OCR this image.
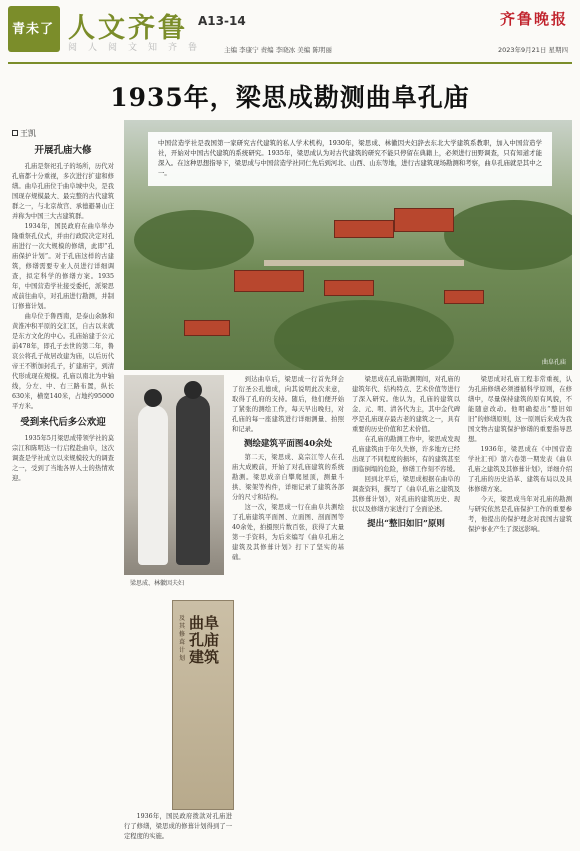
青未了 人文齐鲁 A13-14	齐鲁晚报
阅人阅文知齐鲁 主编 李康宁 责编 李晓冰 美编 陈明丽	2023年9月21日 星期四
1935年，梁思成勘测曲阜孔庙
王凯
开展孔庙大修

孔庙是祭祀孔子的场所，历代对孔庙都十分重视，多次进行扩建和修缮。曲阜孔庙位于曲阜城中央，是我国现存规模最大、最完整的古代建筑群之一，与北京故宫、承德避暑山庄并称为中国三大古建筑群。

1934年，国民政府在曲阜举办隆重祭孔仪式，并由行政院决定对孔庙进行一次大规模的修缮，此即“孔庙保护计划”。对于孔庙这样的古建筑，修缮需要专业人员进行详细调查，拟定科学的修缮方案。1935年，中国营造学社接受委托，派梁思成前往曲阜，对孔庙进行勘测，并制订修葺计划。

曲阜位于鲁西南，是泰山余脉和黄淮冲积平原的交汇区，自古以来就是东方文化的中心。孔庙始建于公元前478年，即孔子去世的第二年，鲁哀公将孔子故居改建为庙，以后历代帝王不断加封孔子，扩建庙宇，到清代形成现在规模。孔庙以南北为中轴线，分左、中、右三路布置，纵长630米，横宽140米，占地约95000平方米。

受到来代后多公欢迎

1935年5月梁思成带领学社的莫宗江和陈明达一行启程赴曲阜，这次调查是学社成立以来规模较大的调查之一，受到了当地各界人士的热情欢迎。

中国营造学社是我国第一家研究古代建筑的私人学术机构，1930年，梁思成、林徽因夫妇辞去东北大学建筑系教职，加入中国营造学社，开始对中国古代建筑的系统研究。1935年，梁思成认为对古代建筑的研究不能只停留在典籍上，必须进行田野调查，只有知道才能深入。在这种思想指导下，梁思成与中国营造学社同仁先后到河北、山西、山东等地，进行古建筑现场勘测和考察，曲阜孔庙就是其中之一。
曲阜孔庙
梁思成、林徽因夫妇
及其修葺计划
曲阜孔庙建筑

到达曲阜后，梁思成一行首先拜会了衍圣公孔德成，向其说明此次来意，取得了孔府的支持。随后，他们便开始了紧张的测绘工作，每天早出晚归，对孔庙的每一座建筑进行详细测量、拍照和记录。

测绘建筑平面图40余处

第二天，梁思成、莫宗江等人在孔庙大成殿前，开始了对孔庙建筑的系统勘测。梁思成亲自攀爬屋顶，测量斗拱、梁架等构件，详细记录了建筑各部分的尺寸和结构。

这一次，梁思成一行在曲阜共测绘了孔庙建筑平面图、立面图、剖面图等40余处，拍摄照片数百张，获得了大量第一手资料，为后来编写《曲阜孔庙之建筑及其修葺计划》打下了坚实的基础。

梁思成在孔庙勘测期间，对孔庙的建筑年代、结构特点、艺术价值等进行了深入研究。他认为，孔庙的建筑以金、元、明、清各代为主，其中金代碑亭是孔庙现存最古老的建筑之一，具有重要的历史价值和艺术价值。

在孔庙的勘测工作中，梁思成发现孔庙建筑由于年久失修，许多地方已经出现了不同程度的损坏，有的建筑甚至面临倒塌的危险，修缮工作刻不容缓。

回到北平后，梁思成根据在曲阜的调查资料，撰写了《曲阜孔庙之建筑及其修葺计划》，对孔庙的建筑历史、现状以及修缮方案进行了全面论述。

提出“整旧如旧”原则

梁思成对孔庙工程非常重视，认为孔庙修缮必须遵循科学原则，在修缮中，尽量保持建筑的原有风貌，不能随意改动。他明确提出“整旧如旧”的修缮原则，这一原则后来成为我国文物古建筑保护修缮的重要指导思想。

1936年，梁思成在《中国营造学社汇刊》第六卷第一期发表《曲阜孔庙之建筑及其修葺计划》，详细介绍了孔庙的历史沿革、建筑布局以及具体修缮方案。

今天，梁思成当年对孔庙的勘测与研究依然是孔庙保护工作的重要参考，他提出的保护理念对我国古建筑保护事业产生了深远影响。

1936年，国民政府拨款对孔庙进行了修缮，梁思成的修葺计划得到了一定程度的实施。
